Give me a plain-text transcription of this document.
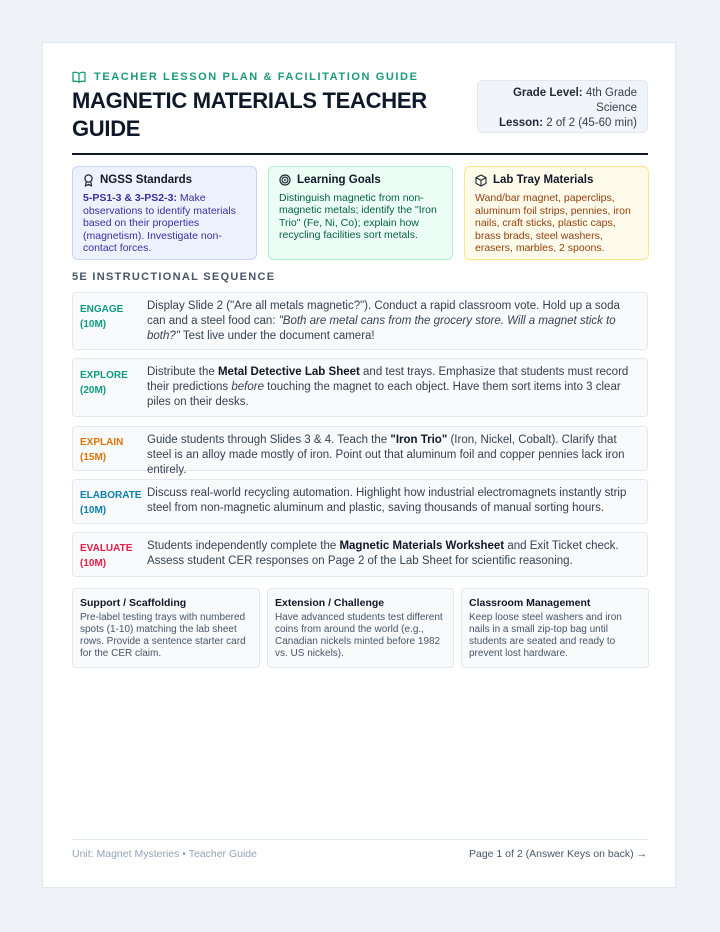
TEACHER LESSON PLAN & FACILITATION GUIDE
MAGNETIC MATERIALS TEACHER GUIDE
Grade Level: 4th Grade Science
Lesson: 2 of 2 (45-60 min)
NGSS Standards
5-PS1-3 & 3-PS2-3: Make observations to identify materials based on their properties (magnetism). Investigate non-contact forces.
Learning Goals
Distinguish magnetic from non-magnetic metals; identify the "Iron Trio" (Fe, Ni, Co); explain how recycling facilities sort metals.
Lab Tray Materials
Wand/bar magnet, paperclips, aluminum foil strips, pennies, iron nails, craft sticks, plastic caps, brass brads, steel washers, erasers, marbles, 2 spoons.
5E INSTRUCTIONAL SEQUENCE
ENGAGE
(10M)
Display Slide 2 ("Are all metals magnetic?"). Conduct a rapid classroom vote. Hold up a soda can and a steel food can: "Both are metal cans from the grocery store. Will a magnet stick to both?" Test live under the document camera!
EXPLORE
(20M)
Distribute the Metal Detective Lab Sheet and test trays. Emphasize that students must record their predictions before touching the magnet to each object. Have them sort items into 3 clear piles on their desks.
EXPLAIN
(15M)
Guide students through Slides 3 & 4. Teach the "Iron Trio" (Iron, Nickel, Cobalt). Clarify that steel is an alloy made mostly of iron. Point out that aluminum foil and copper pennies lack iron entirely.
ELABORATE
(10M)
Discuss real-world recycling automation. Highlight how industrial electromagnets instantly strip steel from non-magnetic aluminum and plastic, saving thousands of manual sorting hours.
EVALUATE
(10M)
Students independently complete the Magnetic Materials Worksheet and Exit Ticket check. Assess student CER responses on Page 2 of the Lab Sheet for scientific reasoning.
Support / Scaffolding
Pre-label testing trays with numbered spots (1-10) matching the lab sheet rows. Provide a sentence starter card for the CER claim.
Extension / Challenge
Have advanced students test different coins from around the world (e.g., Canadian nickels minted before 1982 vs. US nickels).
Classroom Management
Keep loose steel washers and iron nails in a small zip-top bag until students are seated and ready to prevent lost hardware.
Unit: Magnet Mysteries • Teacher Guide	Page 1 of 2 (Answer Keys on back) →
